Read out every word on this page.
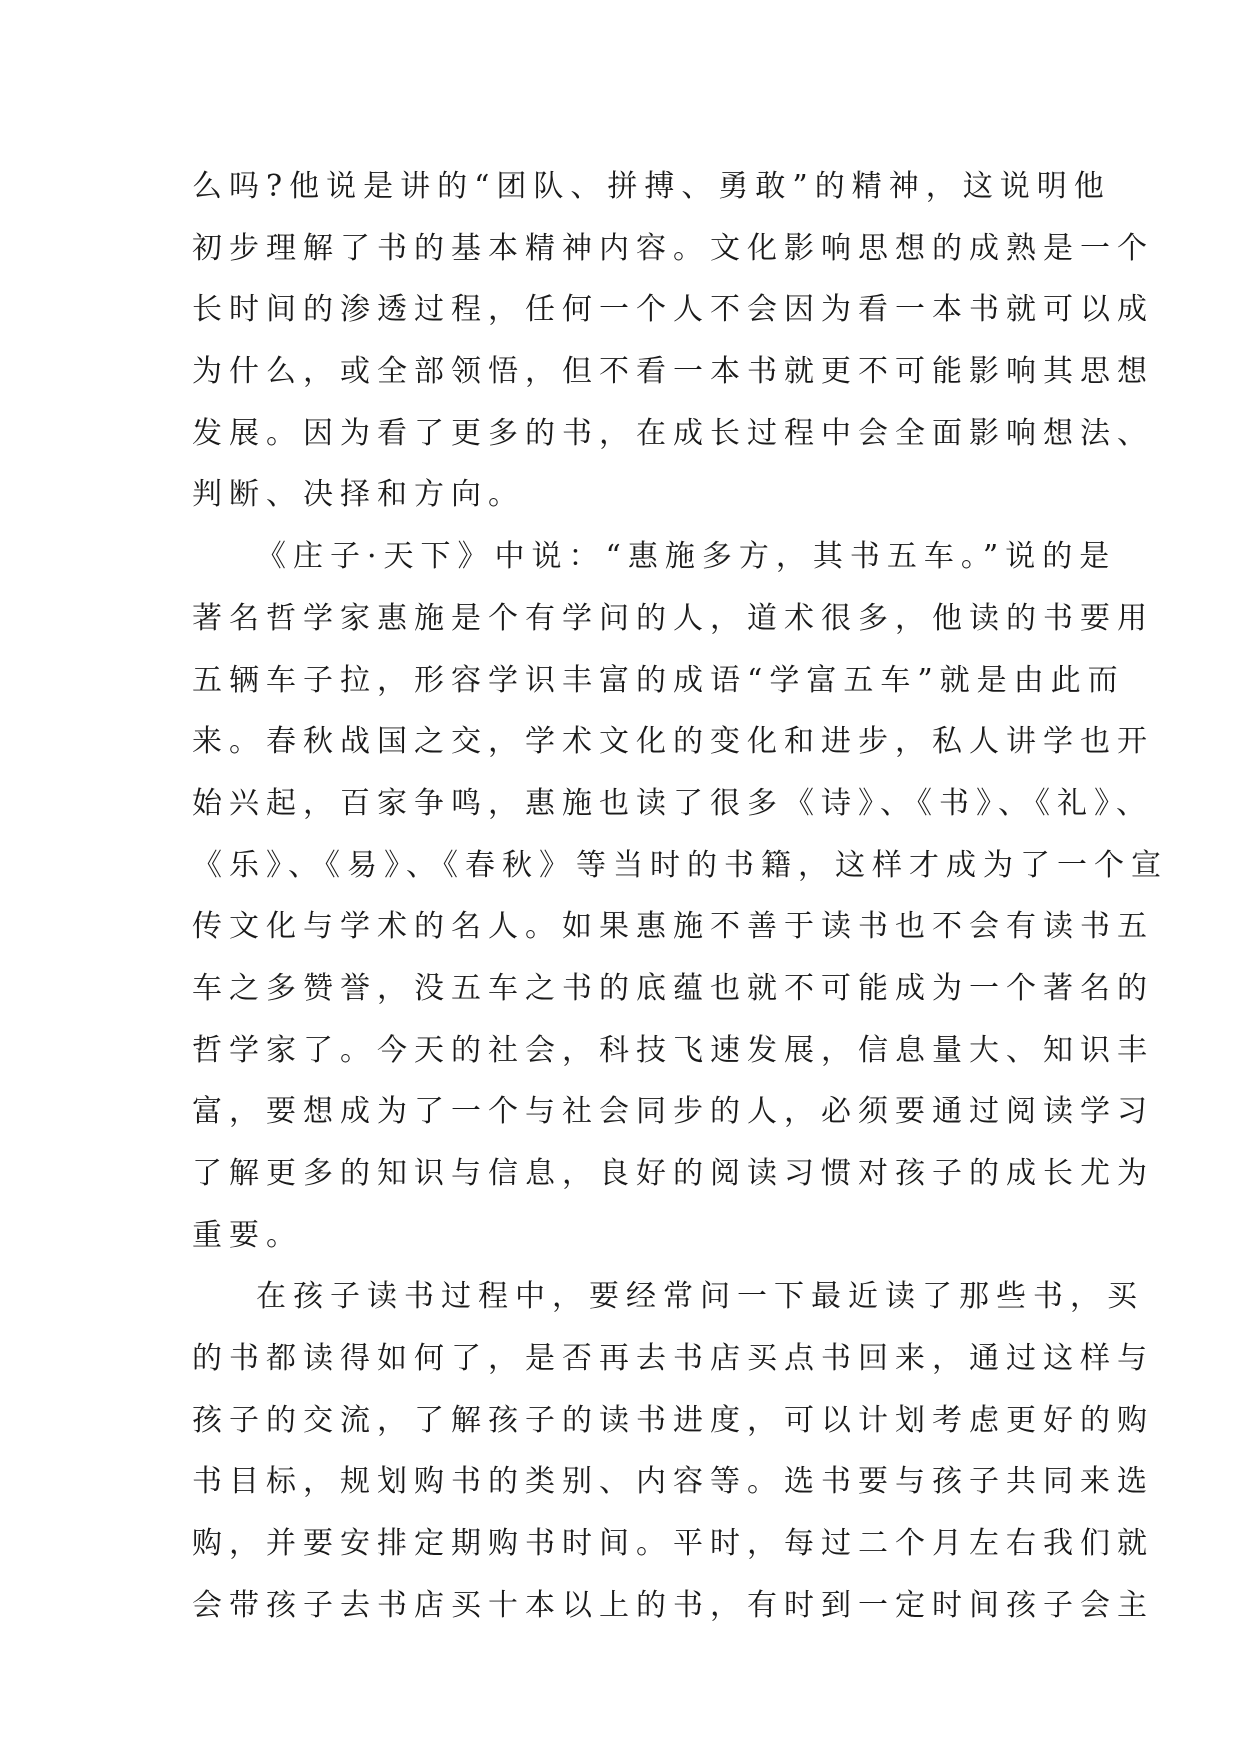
么吗?他说是讲的“团队、拼搏、勇敢”的精神，这说明他
初步理解了书的基本精神内容。文化影响思想的成熟是一个
长时间的渗透过程，任何一个人不会因为看一本书就可以成
为什么，或全部领悟，但不看一本书就更不可能影响其思想
发展。因为看了更多的书，在成长过程中会全面影响想法、
判断、决择和方向。
《庄子·天下》中说：“惠施多方，其书五车。”说的是
著名哲学家惠施是个有学问的人，道术很多，他读的书要用
五辆车子拉，形容学识丰富的成语“学富五车”就是由此而
来。春秋战国之交，学术文化的变化和进步，私人讲学也开
始兴起，百家争鸣，惠施也读了很多《诗》、《书》、《礼》、
《乐》、《易》、《春秋》等当时的书籍，这样才成为了一个宣
传文化与学术的名人。如果惠施不善于读书也不会有读书五
车之多赞誉，没五车之书的底蕴也就不可能成为一个著名的
哲学家了。今天的社会，科技飞速发展，信息量大、知识丰
富，要想成为了一个与社会同步的人，必须要通过阅读学习
了解更多的知识与信息，良好的阅读习惯对孩子的成长尤为
重要。
在孩子读书过程中，要经常问一下最近读了那些书，买
的书都读得如何了，是否再去书店买点书回来，通过这样与
孩子的交流，了解孩子的读书进度，可以计划考虑更好的购
书目标，规划购书的类别、内容等。选书要与孩子共同来选
购，并要安排定期购书时间。平时，每过二个月左右我们就
会带孩子去书店买十本以上的书，有时到一定时间孩子会主
